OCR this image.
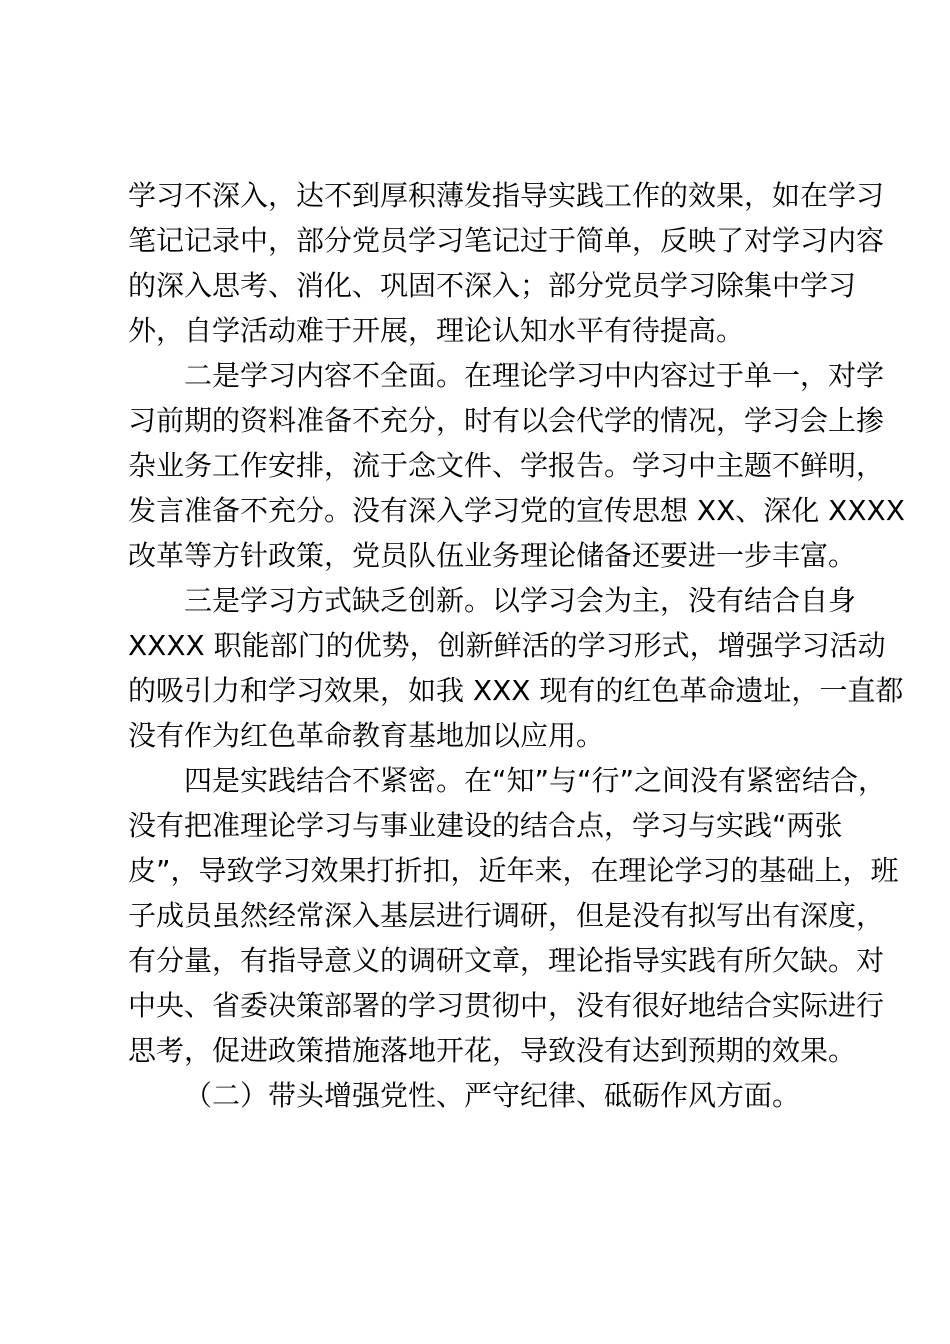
学习不深入，达不到厚积薄发指导实践工作的效果，如在学习
笔记记录中，部分党员学习笔记过于简单，反映了对学习内容
的深入思考、消化、巩固不深入；部分党员学习除集中学习
外，自学活动难于开展，理论认知水平有待提高。
二是学习内容不全面。在理论学习中内容过于单一，对学
习前期的资料准备不充分，时有以会代学的情况，学习会上掺
杂业务工作安排，流于念文件、学报告。学习中主题不鲜明，
发言准备不充分。没有深入学习党的宣传思想 XX、深化 XXXX
改革等方针政策，党员队伍业务理论储备还要进一步丰富。
三是学习方式缺乏创新。以学习会为主，没有结合自身
XXXX 职能部门的优势，创新鲜活的学习形式，增强学习活动
的吸引力和学习效果，如我 XXX 现有的红色革命遗址，一直都
没有作为红色革命教育基地加以应用。
四是实践结合不紧密。在“知”与“行”之间没有紧密结合，
没有把准理论学习与事业建设的结合点，学习与实践“两张
皮”，导致学习效果打折扣，近年来，在理论学习的基础上，班
子成员虽然经常深入基层进行调研，但是没有拟写出有深度，
有分量，有指导意义的调研文章，理论指导实践有所欠缺。对
中央、省委决策部署的学习贯彻中，没有很好地结合实际进行
思考，促进政策措施落地开花，导致没有达到预期的效果。
（二）带头增强党性、严守纪律、砥砺作风方面。
